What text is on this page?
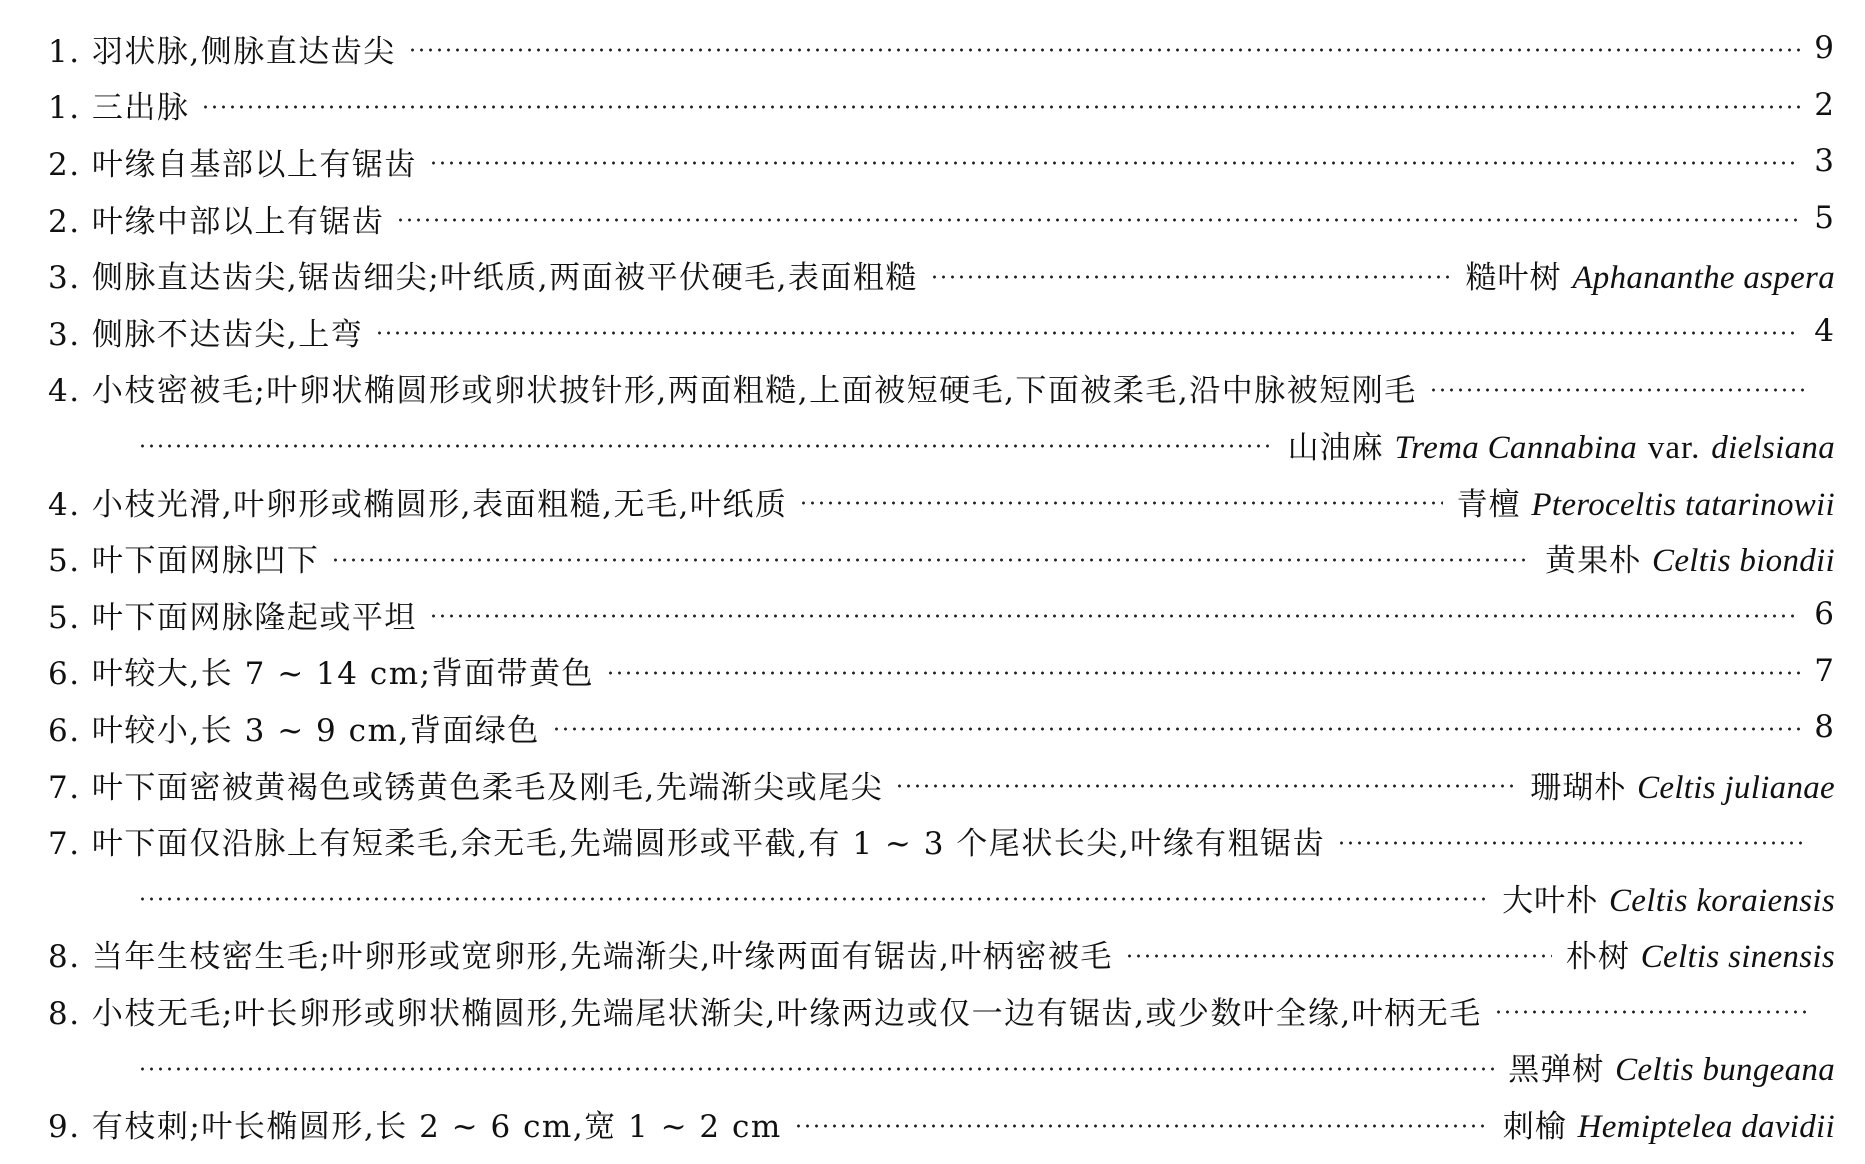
1. 羽状脉,侧脉直达齿尖	9
1. 三出脉	2
2. 叶缘自基部以上有锯齿	3
2. 叶缘中部以上有锯齿	5
3. 侧脉直达齿尖,锯齿细尖;叶纸质,两面被平伏硬毛,表面粗糙	糙叶树 Aphananthe aspera
3. 侧脉不达齿尖,上弯	4
4. 小枝密被毛;叶卵状椭圆形或卵状披针形,两面粗糙,上面被短硬毛,下面被柔毛,沿中脉被短刚毛
山油麻 Trema Cannabina var. dielsiana
4. 小枝光滑,叶卵形或椭圆形,表面粗糙,无毛,叶纸质	青檀 Pteroceltis tatarinowii
5. 叶下面网脉凹下	黄果朴 Celtis biondii
5. 叶下面网脉隆起或平坦	6
6. 叶较大,长 7 ~ 14 cm;背面带黄色	7
6. 叶较小,长 3 ~ 9 cm,背面绿色	8
7. 叶下面密被黄褐色或锈黄色柔毛及刚毛,先端渐尖或尾尖	珊瑚朴 Celtis julianae
7. 叶下面仅沿脉上有短柔毛,余无毛,先端圆形或平截,有 1 ~ 3 个尾状长尖,叶缘有粗锯齿
大叶朴 Celtis koraiensis
8. 当年生枝密生毛;叶卵形或宽卵形,先端渐尖,叶缘两面有锯齿,叶柄密被毛	朴树 Celtis sinensis
8. 小枝无毛;叶长卵形或卵状椭圆形,先端尾状渐尖,叶缘两边或仅一边有锯齿,或少数叶全缘,叶柄无毛
黑弹树 Celtis bungeana
9. 有枝刺;叶长椭圆形,长 2 ~ 6 cm,宽 1 ~ 2 cm	刺榆 Hemiptelea davidii
